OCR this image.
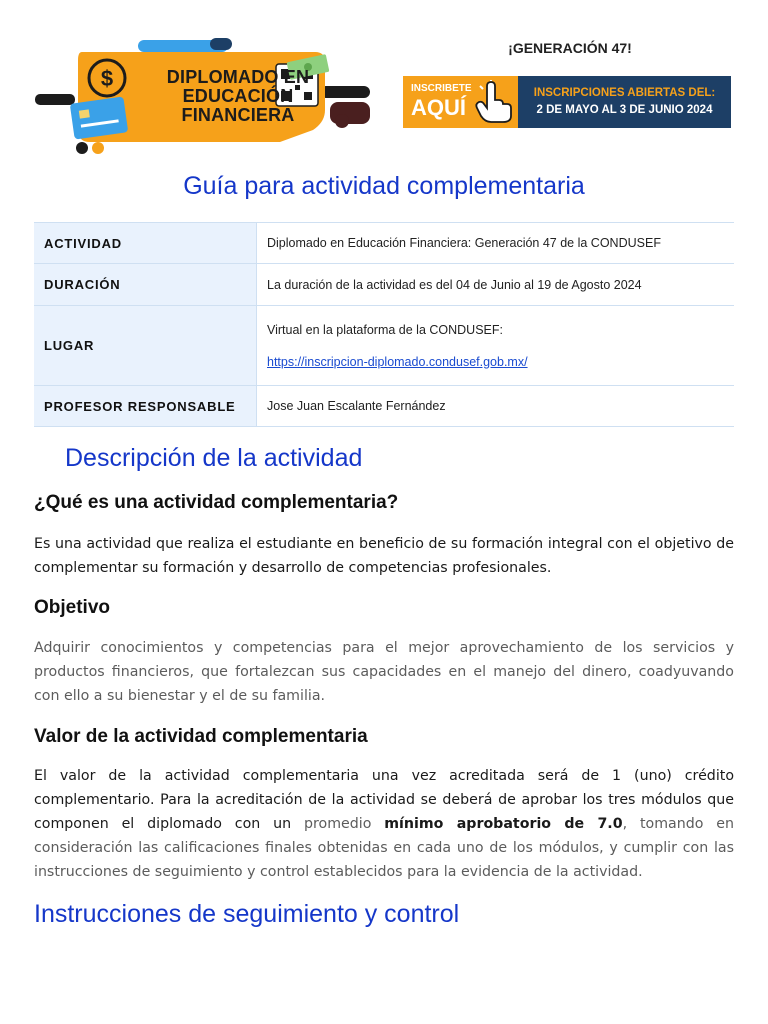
$	DIPLOMADO EN
EDUCACIÓN
FINANCIERA
¡GENERACIÓN 47!
INSCRIBETE
AQUÍ
INSCRIPCIONES ABIERTAS DEL:
2 DE MAYO AL 3 DE JUNIO 2024
Guía para actividad complementaria
ACTIVIDAD	Diplomado en Educación Financiera: Generación 47 de la CONDUSEF
DURACIÓN	La duración de la actividad es del 04 de Junio al 19 de Agosto 2024
LUGAR	Virtual en la plataforma de la CONDUSEF:
https://inscripcion-diplomado.condusef.gob.mx/
PROFESOR RESPONSABLE	Jose Juan Escalante Fernández
Descripción de la actividad
¿Qué es una actividad complementaria?

Es una actividad que realiza el estudiante en beneficio de su formación integral con el objetivo de complementar su formación y desarrollo de competencias profesionales.

Objetivo

Adquirir conocimientos y competencias para el mejor aprovechamiento de los servicios y productos financieros, que fortalezcan sus capacidades en el manejo del dinero, coadyuvando con ello a su bienestar y el de su familia.

Valor de la actividad complementaria

El valor de la actividad complementaria una vez acreditada será de 1 (uno) crédito complementario. Para la acreditación de la actividad se deberá de aprobar los tres módulos que componen el diplomado con un promedio mínimo aprobatorio de 7.0, tomando en consideración las calificaciones finales obtenidas en cada uno de los módulos, y cumplir con las instrucciones de seguimiento y control establecidos para la evidencia de la actividad.

Instrucciones de seguimiento y control
